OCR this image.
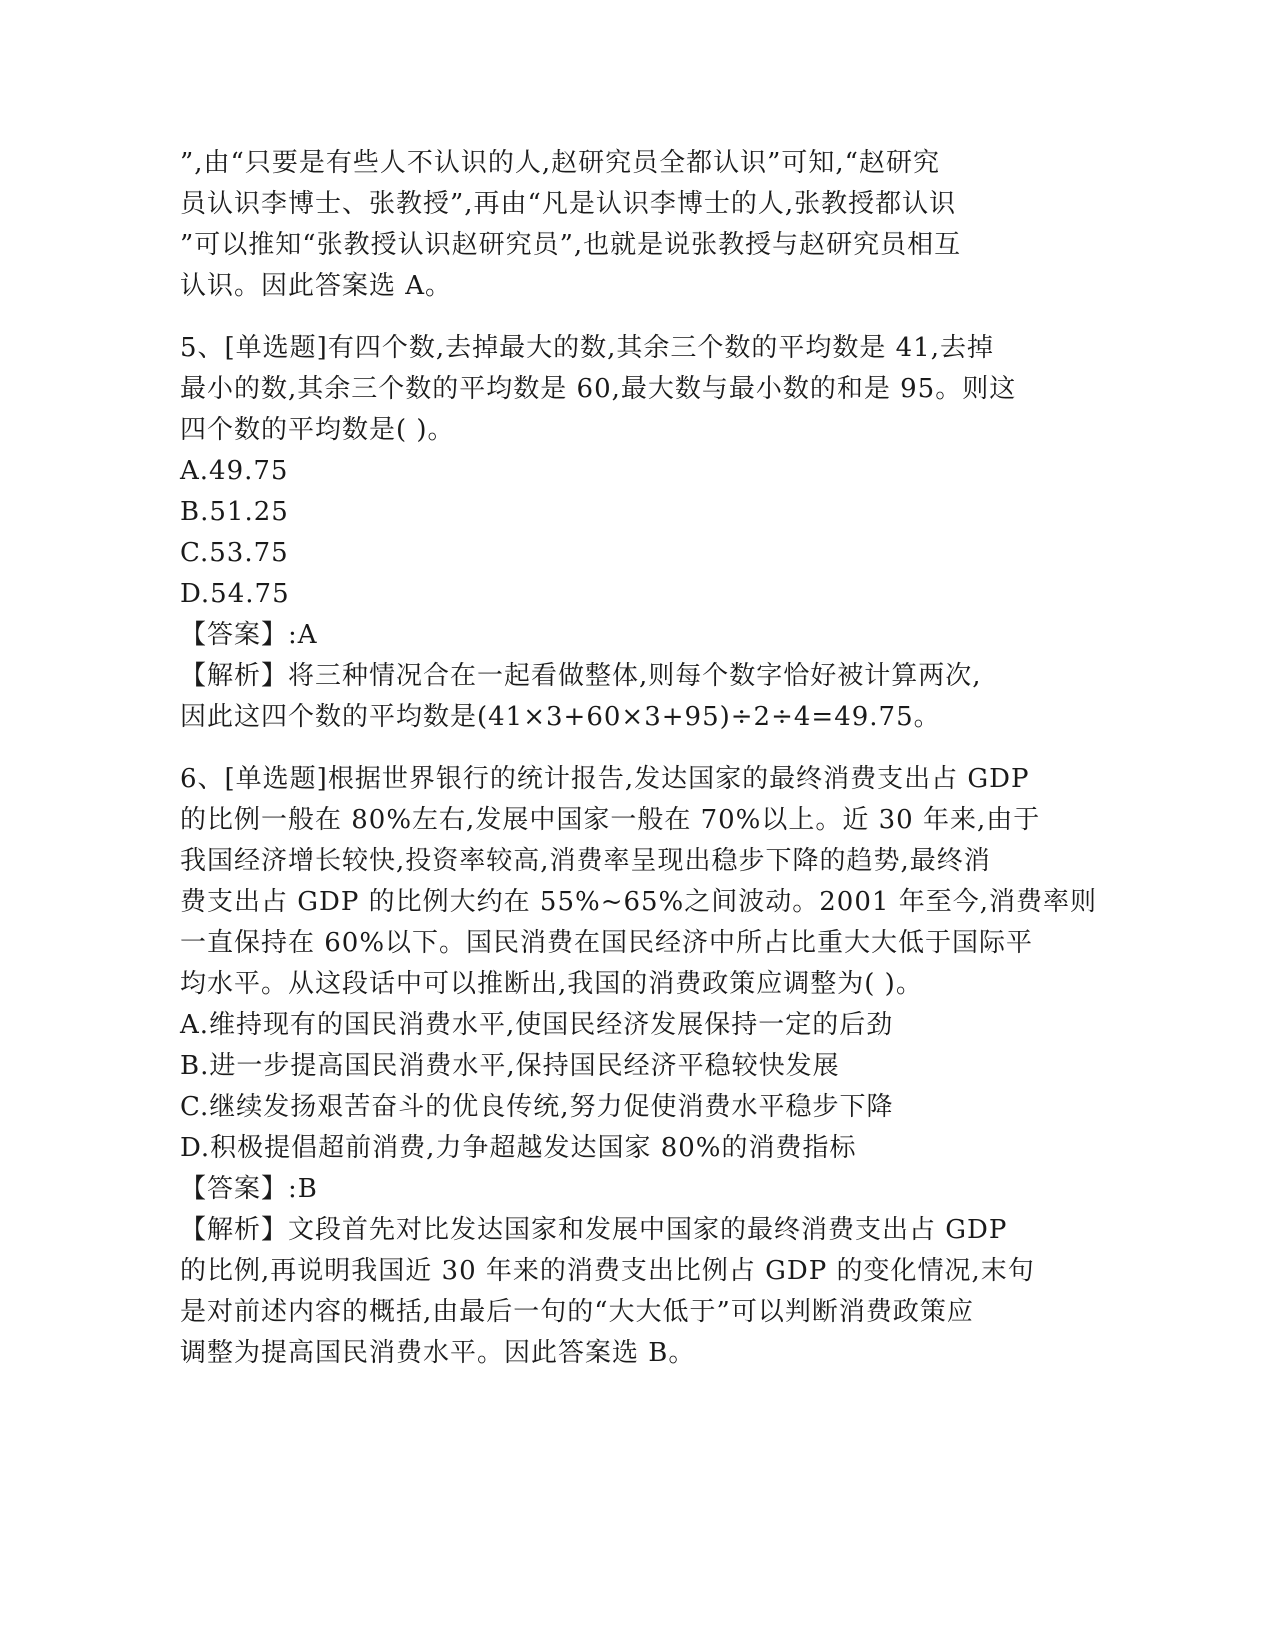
”,由“只要是有些人不认识的人,赵研究员全都认识”可知,“赵研究
员认识李博士、张教授”,再由“凡是认识李博士的人,张教授都认识
”可以推知“张教授认识赵研究员”,也就是说张教授与赵研究员相互
认识。因此答案选 A。
5、[单选题]有四个数,去掉最大的数,其余三个数的平均数是 41,去掉
最小的数,其余三个数的平均数是 60,最大数与最小数的和是 95。则这
四个数的平均数是( )。
A.49.75
B.51.25
C.53.75
D.54.75
【答案】:A
【解析】将三种情况合在一起看做整体,则每个数字恰好被计算两次,
因此这四个数的平均数是(41×3+60×3+95)÷2÷4=49.75。
6、[单选题]根据世界银行的统计报告,发达国家的最终消费支出占 GDP
的比例一般在 80%左右,发展中国家一般在 70%以上。近 30 年来,由于
我国经济增长较快,投资率较高,消费率呈现出稳步下降的趋势,最终消
费支出占 GDP 的比例大约在 55%~65%之间波动。2001 年至今,消费率则
一直保持在 60%以下。国民消费在国民经济中所占比重大大低于国际平
均水平。从这段话中可以推断出,我国的消费政策应调整为( )。
A.维持现有的国民消费水平,使国民经济发展保持一定的后劲
B.进一步提高国民消费水平,保持国民经济平稳较快发展
C.继续发扬艰苦奋斗的优良传统,努力促使消费水平稳步下降
D.积极提倡超前消费,力争超越发达国家 80%的消费指标
【答案】:B
【解析】文段首先对比发达国家和发展中国家的最终消费支出占 GDP
的比例,再说明我国近 30 年来的消费支出比例占 GDP 的变化情况,末句
是对前述内容的概括,由最后一句的“大大低于”可以判断消费政策应
调整为提高国民消费水平。因此答案选 B。
